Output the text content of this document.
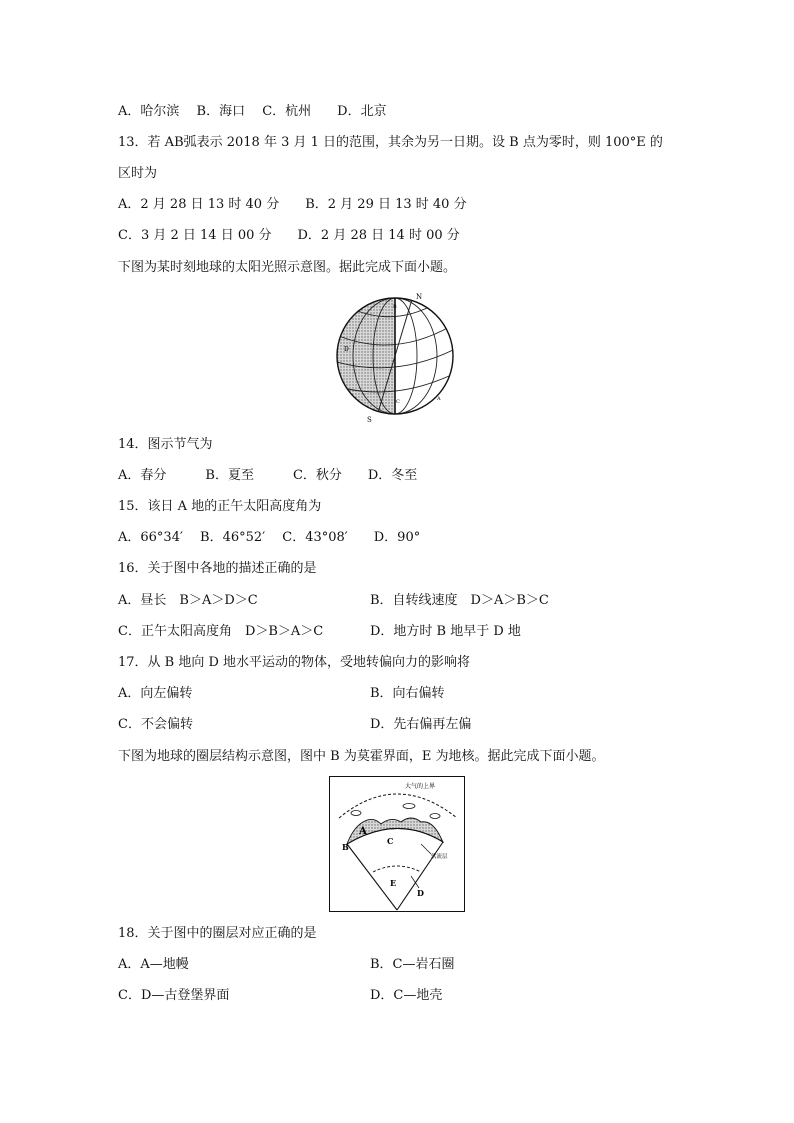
A．哈尔滨　 B．海口　 C．杭州　　D．北京
13．若 AB弧表示 2018 年 3 月 1 日的范围，其余为另一日期。设 B 点为零时，则 100°E 的
区时为
A．2 月 28 日 13 时 40 分　　B．2 月 29 日 13 时 40 分
C．3 月 2 日 14 日 00 分　　D．2 月 28 日 14 时 00 分
下图为某时刻地球的太阳光照示意图。据此完成下面小题。
N
S
D
B
C	A
14．图示节气为
A．春分　　　B．夏至　　　C．秋分　　D．冬至
15．该日 A 地的正午太阳高度角为
A．66°34′　 B．46°52′　 C．43°08′　　D．90°
16．关于图中各地的描述正确的是
A．昼长　B＞A＞D＞C	B．自转线速度　D＞A＞B＞C
C．正午太阳高度角　D＞B＞A＞C	D．地方时 B 地早于 D 地
17．从 B 地向 D 地水平运动的物体，受地转偏向力的影响将
A．向左偏转	B．向右偏转
C．不会偏转	D．先右偏再左偏
下图为地球的圈层结构示意图，图中 B 为莫霍界面，E 为地核。据此完成下面小题。
大气的上界
A
B
C
软流层
E
D
18．关于图中的圈层对应正确的是
A．A—地幔	B．C—岩石圈
C．D—古登堡界面	D．C—地壳
